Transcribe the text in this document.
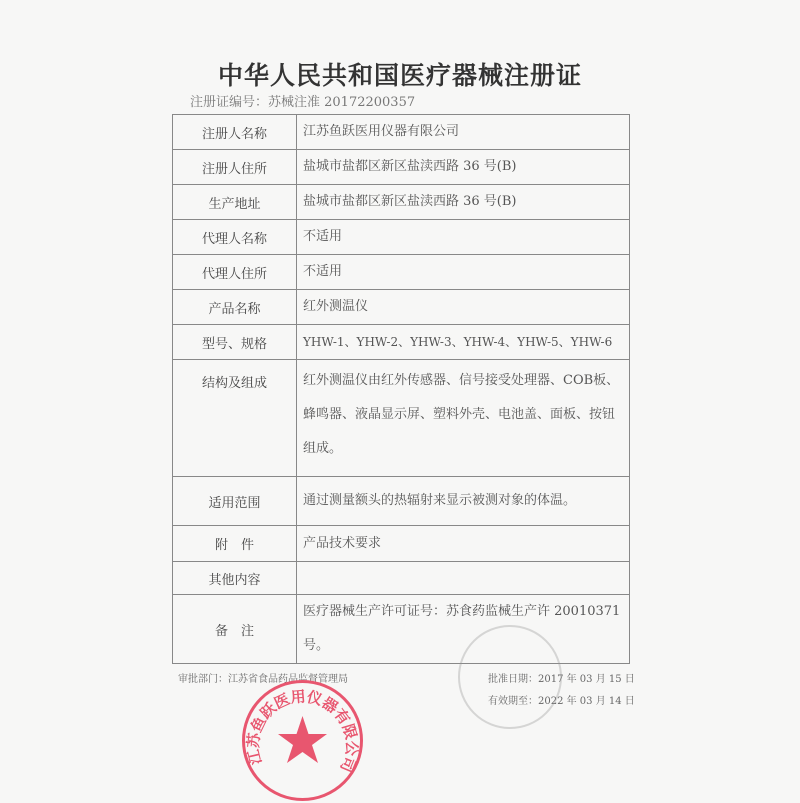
中华人民共和国医疗器械注册证
注册证编号：苏械注准 20172200357
注册人名称	江苏鱼跃医用仪器有限公司
注册人住所	盐城市盐都区新区盐渎西路 36 号(B)
生产地址	盐城市盐都区新区盐渎西路 36 号(B)
代理人名称	不适用
代理人住所	不适用
产品名称	红外测温仪
型号、规格	YHW-1、YHW-2、YHW-3、YHW-4、YHW-5、YHW-6
结构及组成	红外测温仪由红外传感器、信号接受处理器、COB板、蜂鸣器、液晶显示屏、塑料外壳、电池盖、面板、按钮组成。
适用范围	通过测量额头的热辐射来显示被测对象的体温。
附　件	产品技术要求
其他内容	
备　注	医疗器械生产许可证号：苏食药监械生产许 20010371号。
审批部门：江苏省食品药品监督管理局	批准日期：2017 年 03 月 15 日
有效期至：2022 年 03 月 14 日
江苏鱼跃医用仪器有限公司
